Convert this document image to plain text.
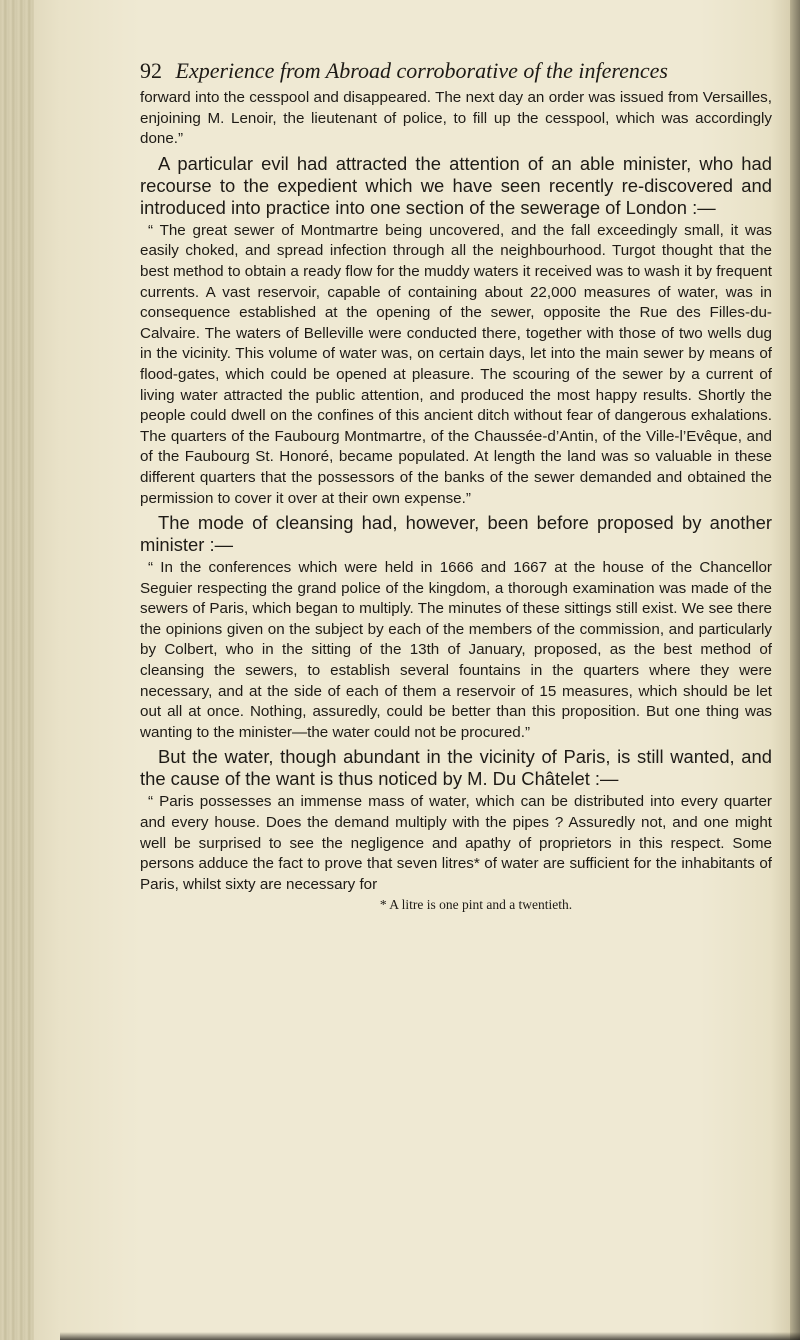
92 Experience from Abroad corroborative of the inferences

forward into the cesspool and disappeared. The next day an order was issued from Versailles, enjoining M. Lenoir, the lieutenant of police, to fill up the cesspool, which was accordingly done.”

A particular evil had attracted the attention of an able minister, who had recourse to the expedient which we have seen recently re-discovered and introduced into practice into one section of the sewerage of London :—

“ The great sewer of Montmartre being uncovered, and the fall exceedingly small, it was easily choked, and spread infection through all the neighbourhood. Turgot thought that the best method to obtain a ready flow for the muddy waters it received was to wash it by frequent currents. A vast reservoir, capable of containing about 22,000 measures of water, was in consequence established at the opening of the sewer, opposite the Rue des Filles-du-Calvaire. The waters of Belleville were conducted there, together with those of two wells dug in the vicinity. This volume of water was, on certain days, let into the main sewer by means of flood-gates, which could be opened at pleasure. The scouring of the sewer by a current of living water attracted the public attention, and produced the most happy results. Shortly the people could dwell on the confines of this ancient ditch without fear of dangerous exhalations. The quarters of the Faubourg Montmartre, of the Chaussée-d’Antin, of the Ville-l’Evêque, and of the Faubourg St. Honoré, became populated. At length the land was so valuable in these different quarters that the possessors of the banks of the sewer demanded and obtained the permission to cover it over at their own expense.”

The mode of cleansing had, however, been before proposed by another minister :—

“ In the conferences which were held in 1666 and 1667 at the house of the Chancellor Seguier respecting the grand police of the kingdom, a thorough examination was made of the sewers of Paris, which began to multiply. The minutes of these sittings still exist. We see there the opinions given on the subject by each of the members of the commission, and particularly by Colbert, who in the sitting of the 13th of January, proposed, as the best method of cleansing the sewers, to establish several fountains in the quarters where they were necessary, and at the side of each of them a reservoir of 15 measures, which should be let out all at once. Nothing, assuredly, could be better than this proposition. But one thing was wanting to the minister—the water could not be procured.”

But the water, though abundant in the vicinity of Paris, is still wanted, and the cause of the want is thus noticed by M. Du Châtelet :—

“ Paris possesses an immense mass of water, which can be distributed into every quarter and every house. Does the demand multiply with the pipes ? Assuredly not, and one might well be surprised to see the negligence and apathy of proprietors in this respect. Some persons adduce the fact to prove that seven litres* of water are sufficient for the inhabitants of Paris, whilst sixty are necessary for

* A litre is one pint and a twentieth.
